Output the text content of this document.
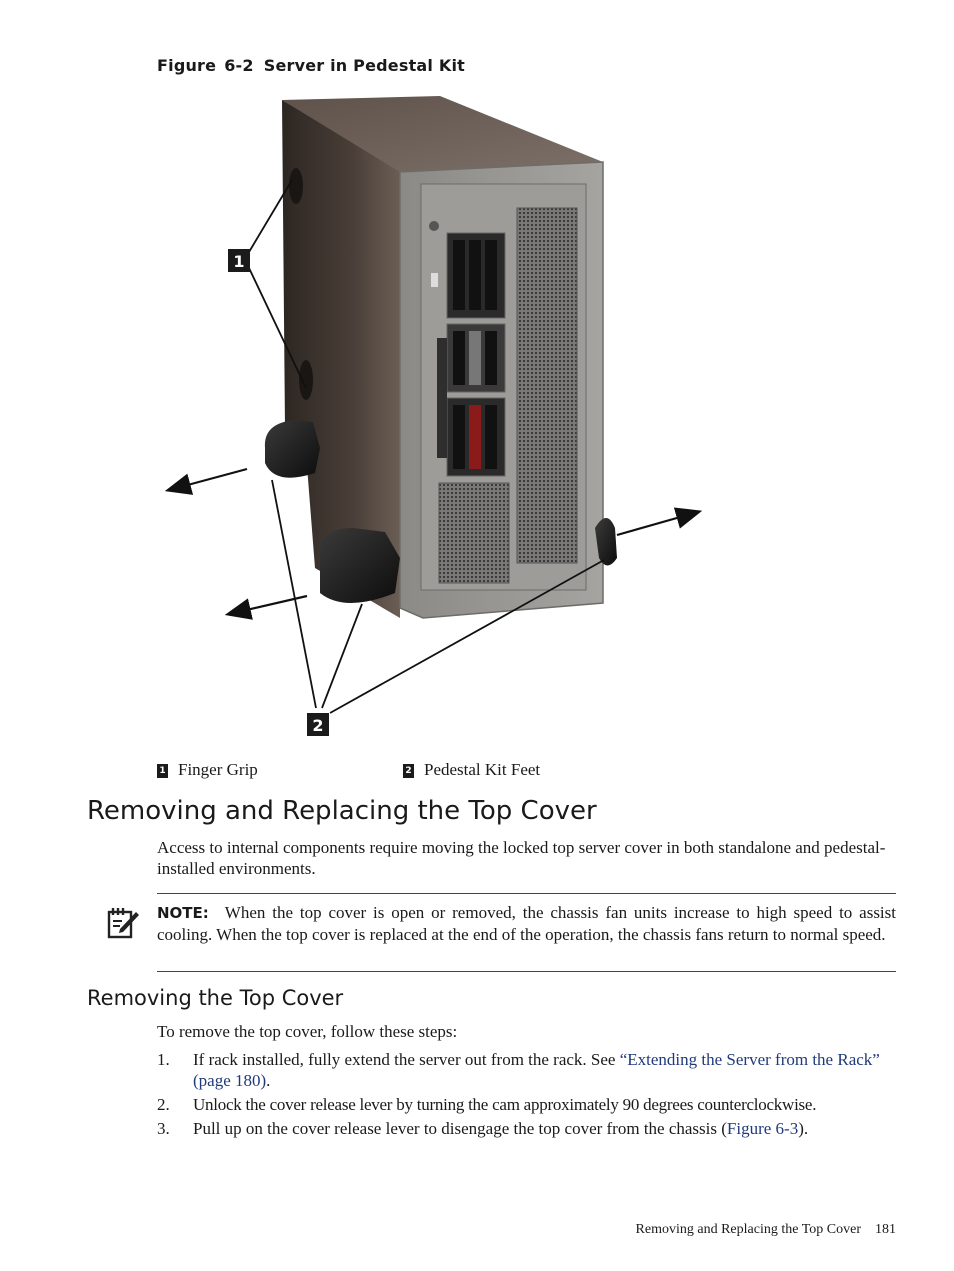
Figure 6-2 Server in Pedestal Kit
1
2
1 Finger Grip	2 Pedestal Kit Feet
Removing and Replacing the Top Cover
Access to internal components require moving the locked top server cover in both standalone and pedestal-installed environments.
NOTE: When the top cover is open or removed, the chassis fan units increase to high speed to assist cooling. When the top cover is replaced at the end of the operation, the chassis fans return to normal speed.
Removing the Top Cover
To remove the top cover, follow these steps:
1. If rack installed, fully extend the server out from the rack. See “Extending the Server from the Rack” (page 180).
2. Unlock the cover release lever by turning the cam approximately 90 degrees counterclockwise.
3. Pull up on the cover release lever to disengage the top cover from the chassis (Figure 6-3).
Removing and Replacing the Top Cover 181
